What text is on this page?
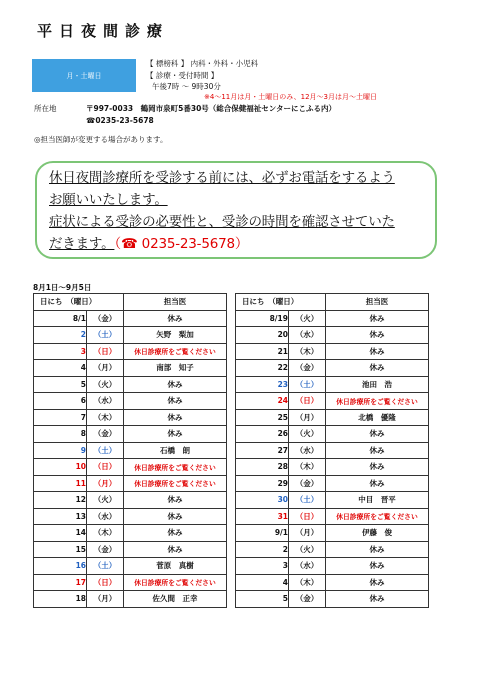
平日夜間診療
月・土曜日
【 標榜科 】 内科・外科・小児科
【 診療・受付時間 】
午後7時 ～ 9時30分
※4～11月は月・土曜日のみ、12月～3月は月～土曜日
所在地	〒997-0033　鶴岡市泉町5番30号（総合保健福祉センターにこふる内）
☎0235-23-5678
◎担当医師が変更する場合があります。
休日夜間診療所を受診する前には、必ずお電話をするよう
お願いいたします。
症状による受診の必要性と、受診の時間を確認させていた
だきます。（☎ 0235-23-5678）
8月1日～9月5日
日にち　（曜日）		担当医
8/1	（金）	休み
2	（土）	矢野　梨加
3	（日）	休日診療所をご覧ください
4	（月）	南部　知子
5	（火）	休み
6	（水）	休み
7	（木）	休み
8	（金）	休み
9	（土）	石橋　朗
10	（日）	休日診療所をご覧ください
11	（月）	休日診療所をご覧ください
12	（火）	休み
13	（水）	休み
14	（木）	休み
15	（金）	休み
16	（土）	菅原　真樹
17	（日）	休日診療所をご覧ください
18	（月）	佐久間　正幸
日にち　（曜日）		担当医
8/19	（火）	休み
20	（水）	休み
21	（木）	休み
22	（金）	休み
23	（土）	池田　浩
24	（日）	休日診療所をご覧ください
25	（月）	北橋　優隆
26	（火）	休み
27	（水）	休み
28	（木）	休み
29	（金）	休み
30	（土）	中目　晋平
31	（日）	休日診療所をご覧ください
9/1	（月）	伊藤　俊
2	（火）	休み
3	（水）	休み
4	（木）	休み
5	（金）	休み
